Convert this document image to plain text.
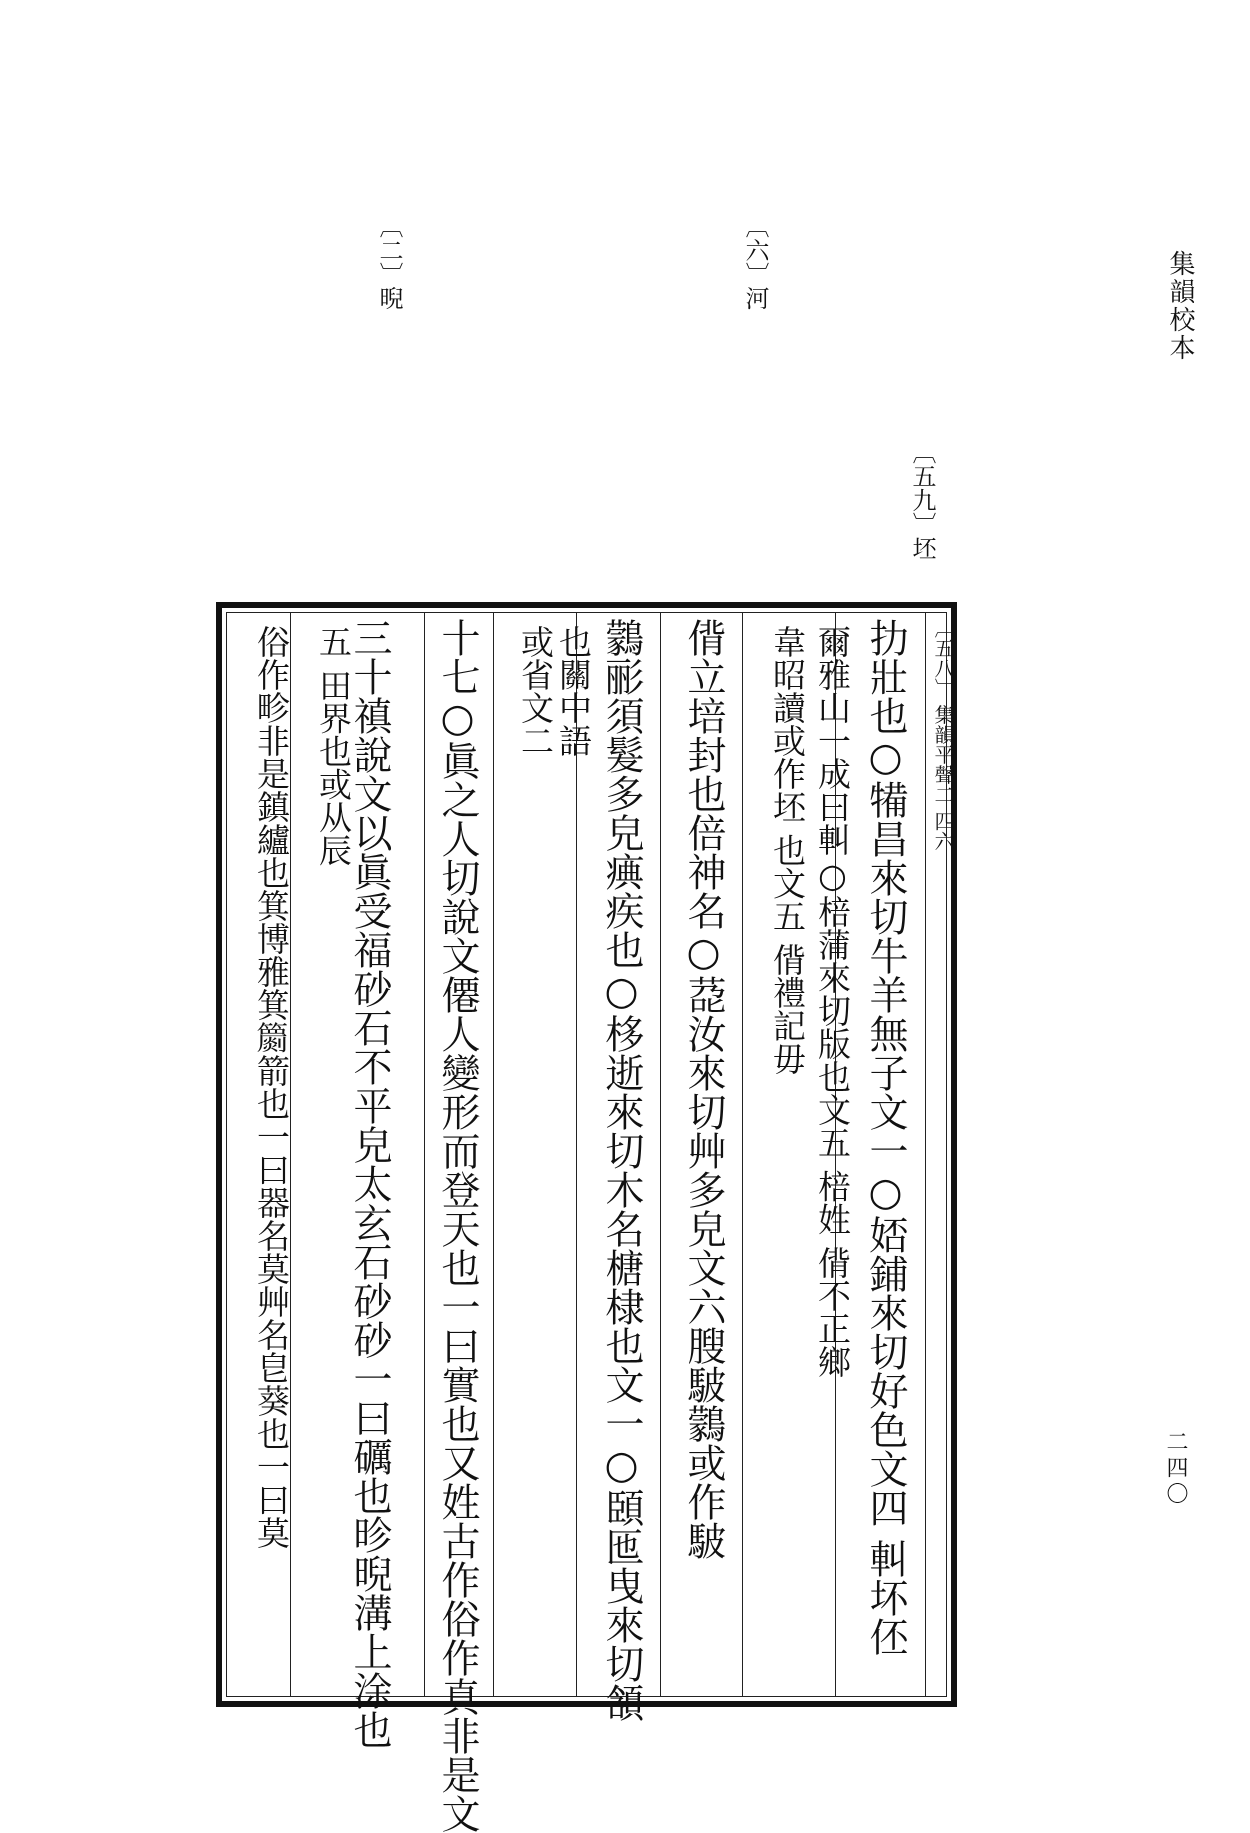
集韻校本
〔二〕晲	〔六〕河
〔五九〕坯
〔五八〕 集韻平聲二 四六
扐壯也○犕昌來切牛羊無子文一○娝鋪來切好色文四 䡂坏伾
爾雅山一成曰䡂○棓蒲來切版也文五 棓姓 偝不正鄉
韋昭讀或作坯 也文五 偝禮記毋
偝立培封也倍神名○莻汝來切艸多皃文六膄駊鸏或作駊
鸏彨須髮多皃痶疾也○栘逝來切木名榶棣也文一○頣匜曳來切頷
也關中語
或省文二
十七○眞之人切說文僊人變形而登天也一曰實也又姓古作俗作真非是文
三十禛說文以眞受福砂石不平皃太玄石砂砂一曰礪也昣晲溝上涂也
五 田界也或从辰
俗作畛非是鎮纑也箕博雅箕𥷙箭也一曰器名莫艸名皀葵也一曰莫	二四〇
